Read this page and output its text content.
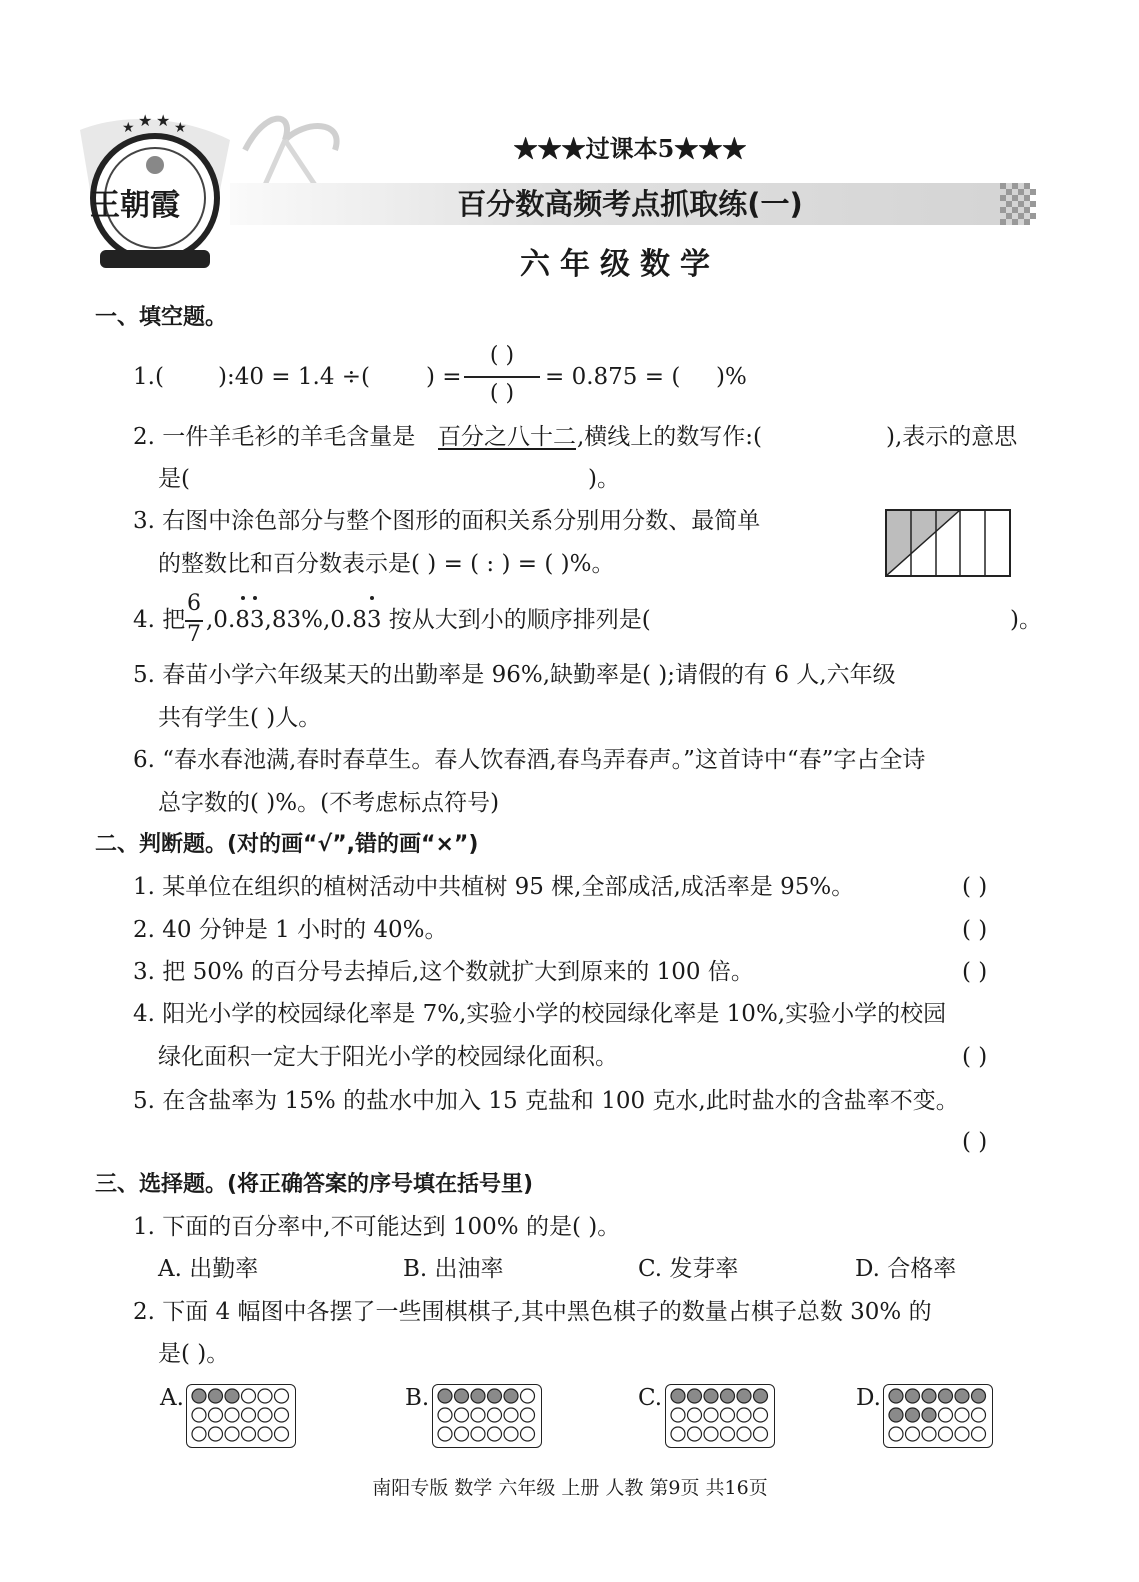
★ ★ ★ ★
王朝霞
★★★过课本5★★★
百分数高频考点抓取练(一)
六年级数学
一、填空题。
1.( ):40 = 1.4 ÷( ) =
( )
( )
= 0.875 = ( )%
2. 一件羊毛衫的羊毛含量是 百分之八十二 ,横线上的数写作:(	),表示的意思
是(	)。
3. 右图中涂色部分与整个图形的面积关系分别用分数、最简单
的整数比和百分数表示是( ) = ( : ) = ( )%。
4. 把
6
7
,0.83,83%,0.83 按从大到小的顺序排列是(	)。
5. 春苗小学六年级某天的出勤率是 96%,缺勤率是( );请假的有 6 人,六年级
共有学生( )人。
6. “春水春池满,春时春草生。春人饮春酒,春鸟弄春声。”这首诗中“春”字占全诗
总字数的( )%。(不考虑标点符号)
二、判断题。(对的画“√”,错的画“×”)
1. 某单位在组织的植树活动中共植树 95 棵,全部成活,成活率是 95%。	( )
2. 40 分钟是 1 小时的 40%。	( )
3. 把 50% 的百分号去掉后,这个数就扩大到原来的 100 倍。	( )
4. 阳光小学的校园绿化率是 7%,实验小学的校园绿化率是 10%,实验小学的校园
绿化面积一定大于阳光小学的校园绿化面积。	( )
5. 在含盐率为 15% 的盐水中加入 15 克盐和 100 克水,此时盐水的含盐率不变。
( )
三、选择题。(将正确答案的序号填在括号里)
1. 下面的百分率中,不可能达到 100% 的是( )。
A. 出勤率	B. 出油率	C. 发芽率	D. 合格率
2. 下面 4 幅图中各摆了一些围棋棋子,其中黑色棋子的数量占棋子总数 30% 的
是( )。
A.	B.	C.	D.
南阳专版 数学 六年级 上册 人教 第9页 共16页
